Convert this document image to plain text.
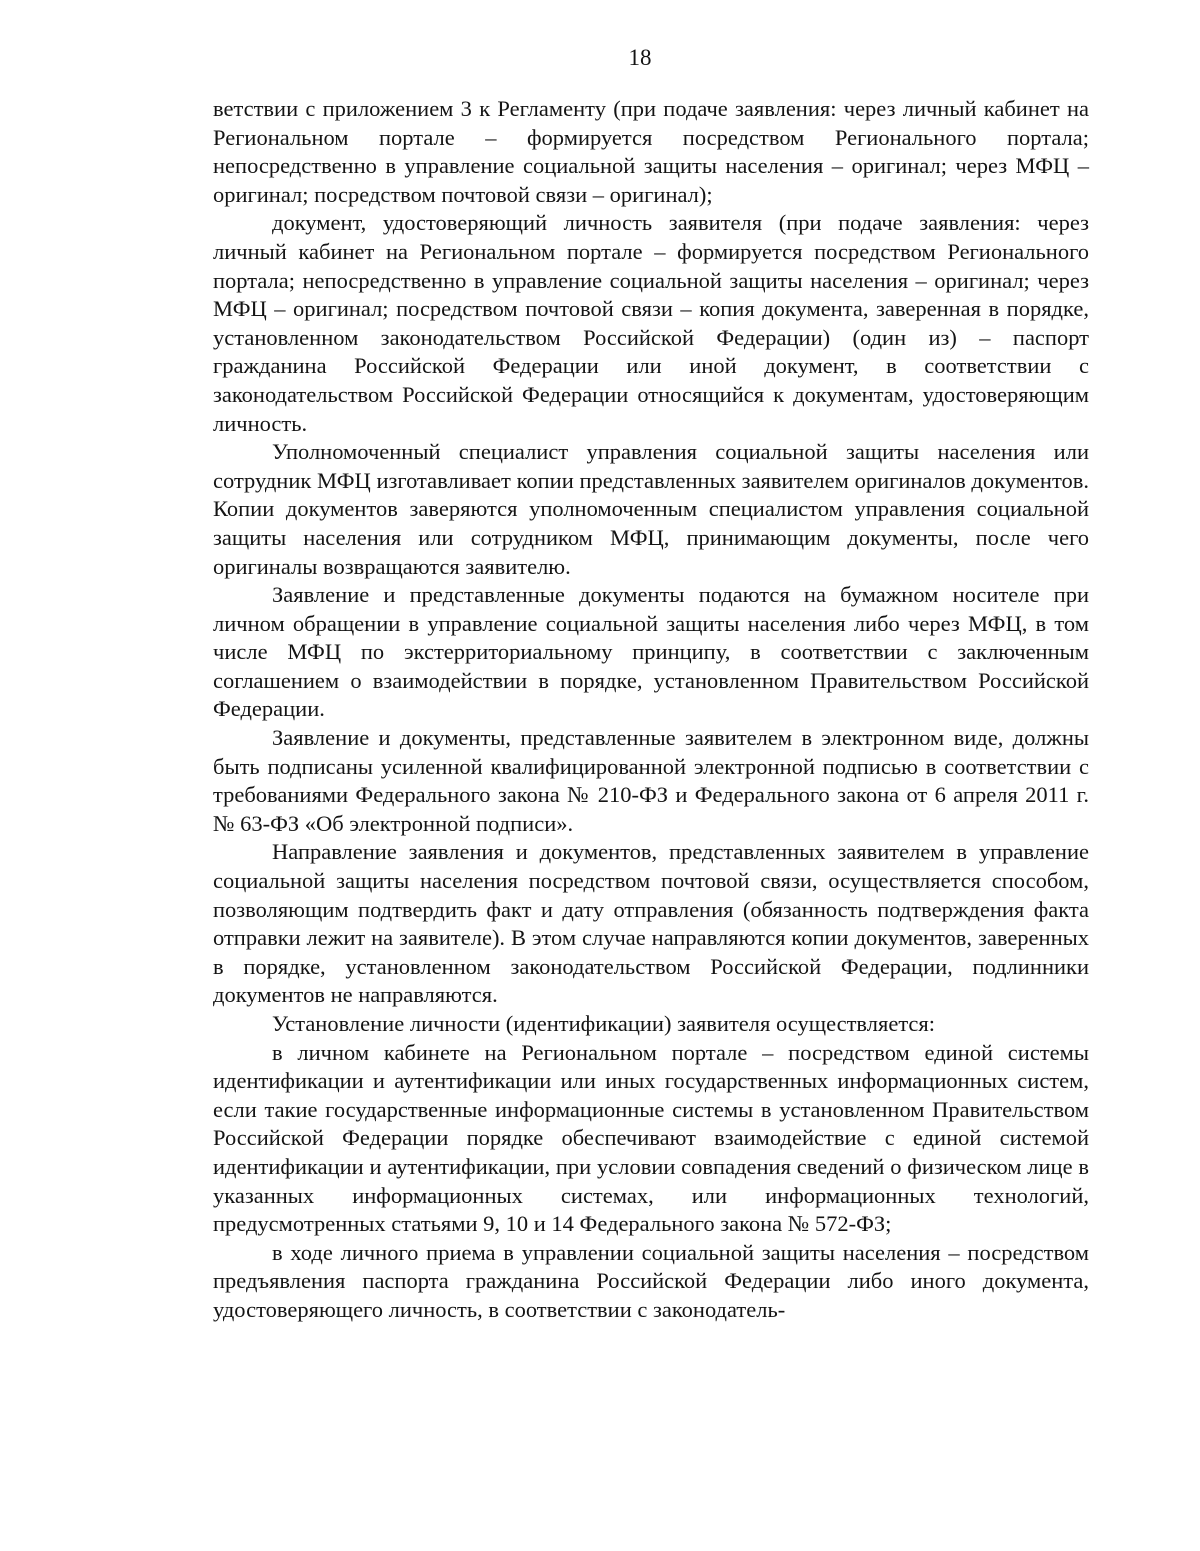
18

ветствии с приложением 3 к Регламенту (при подаче заявления: через личный кабинет на Региональном портале – формируется посредством Регионального портала; непосредственно в управление социальной защиты населения – оригинал; через МФЦ – оригинал; посредством почтовой связи – оригинал);

документ, удостоверяющий личность заявителя (при подаче заявления: через личный кабинет на Региональном портале – формируется посредством Регионального портала; непосредственно в управление социальной защиты населения – оригинал; через МФЦ – оригинал; посредством почтовой связи – копия документа, заверенная в порядке, установленном законодательством Российской Федерации) (один из) – паспорт гражданина Российской Федерации или иной документ, в соответствии с законодательством Российской Федерации относящийся к документам, удостоверяющим личность.

Уполномоченный специалист управления социальной защиты населения или сотрудник МФЦ изготавливает копии представленных заявителем оригиналов документов. Копии документов заверяются уполномоченным специалистом управления социальной защиты населения или сотрудником МФЦ, принимающим документы, после чего оригиналы возвращаются заявителю.

Заявление и представленные документы подаются на бумажном носителе при личном обращении в управление социальной защиты населения либо через МФЦ, в том числе МФЦ по экстерриториальному принципу, в соответствии с заключенным соглашением о взаимодействии в порядке, установленном Правительством Российской Федерации.

Заявление и документы, представленные заявителем в электронном виде, должны быть подписаны усиленной квалифицированной электронной подписью в соответствии с требованиями Федерального закона № 210-ФЗ и Федерального закона от 6 апреля 2011 г. № 63-ФЗ «Об электронной подписи».

Направление заявления и документов, представленных заявителем в управление социальной защиты населения посредством почтовой связи, осуществляется способом, позволяющим подтвердить факт и дату отправления (обязанность подтверждения факта отправки лежит на заявителе). В этом случае направляются копии документов, заверенных в порядке, установленном законодательством Российской Федерации, подлинники документов не направляются.

Установление личности (идентификации) заявителя осуществляется:

в личном кабинете на Региональном портале – посредством единой системы идентификации и аутентификации или иных государственных информационных систем, если такие государственные информационные системы в установленном Правительством Российской Федерации порядке обеспечивают взаимодействие с единой системой идентификации и аутентификации, при условии совпадения сведений о физическом лице в указанных информационных системах, или информационных технологий, предусмотренных статьями 9, 10 и 14 Федерального закона № 572-ФЗ;

в ходе личного приема в управлении социальной защиты населения – посредством предъявления паспорта гражданина Российской Федерации либо иного документа, удостоверяющего личность, в соответствии с законодатель-
